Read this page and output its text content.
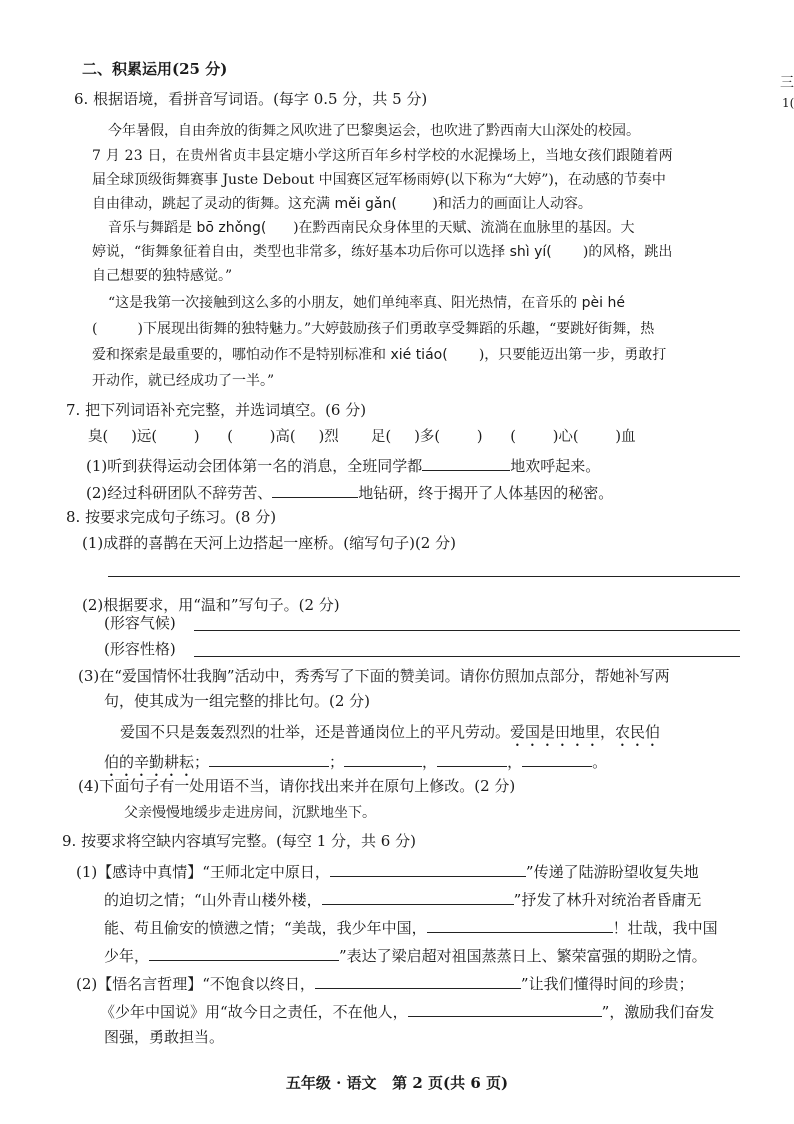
三
1(
二、积累运用(25 分)
6. 根据语境，看拼音写词语。(每字 0.5 分，共 5 分)
今年暑假，自由奔放的街舞之风吹进了巴黎奥运会，也吹进了黔西南大山深处的校园。
7 月 23 日，在贵州省贞丰县定塘小学这所百年乡村学校的水泥操场上，当地女孩们跟随着两
届全球顶级街舞赛事 Juste Debout 中国赛区冠军杨雨婷(以下称为“大婷”)，在动感的节奏中
自由律动，跳起了灵动的街舞。这充满 měi gǎn(        )和活力的画面让人动容。
音乐与舞蹈是 bō zhǒng(      )在黔西南民众身体里的天赋、流淌在血脉里的基因。大
婷说，“街舞象征着自由，类型也非常多，练好基本功后你可以选择 shì yí(       )的风格，跳出
自己想要的独特感觉。”
“这是我第一次接触到这么多的小朋友，她们单纯率真、阳光热情，在音乐的 pèi hé
(         )下展现出街舞的独特魅力。”大婷鼓励孩子们勇敢享受舞蹈的乐趣，“要跳好街舞，热
爱和探索是最重要的，哪怕动作不是特别标准和 xié tiáo(       )，只要能迈出第一步，勇敢打
开动作，就已经成功了一半。”
7. 把下列词语补充完整，并选词填空。(6 分)
臭(     )远(        )      (        )高(     )烈       足(     )多(        )      (        )心(        )血
(1)听到获得运动会团体第一名的消息，全班同学都	地欢呼起来。
(2)经过科研团队不辞劳苦、	地钻研，终于揭开了人体基因的秘密。
8. 按要求完成句子练习。(8 分)
(1)成群的喜鹊在天河上边搭起一座桥。(缩写句子)(2 分)
(2)根据要求，用“温和”写句子。(2 分)
(形容气候)
(形容性格)
(3)在“爱国情怀壮我胸”活动中，秀秀写了下面的赞美词。请你仿照加点部分，帮她补写两
句，使其成为一组完整的排比句。(2 分)
爱国不只是轰轰烈烈的壮举，还是普通岗位上的平凡劳动。爱国是田地里，农民伯
伯的辛勤耕耘；	；	，	，	。
(4)下面句子有一处用语不当，请你找出来并在原句上修改。(2 分)
父亲慢慢地缓步走进房间，沉默地坐下。
9. 按要求将空缺内容填写完整。(每空 1 分，共 6 分)
(1)【感诗中真情】“王师北定中原日，	”传递了陆游盼望收复失地
的迫切之情；“山外青山楼外楼，	”抒发了林升对统治者昏庸无
能、苟且偷安的愤懑之情；“美哉，我少年中国，	！壮哉，我中国
少年，	”表达了梁启超对祖国蒸蒸日上、繁荣富强的期盼之情。
(2)【悟名言哲理】“不饱食以终日，	”让我们懂得时间的珍贵；
《少年中国说》用“故今日之责任，不在他人，	”，激励我们奋发
图强，勇敢担当。
五年级 · 语文   第 2 页(共 6 页)
